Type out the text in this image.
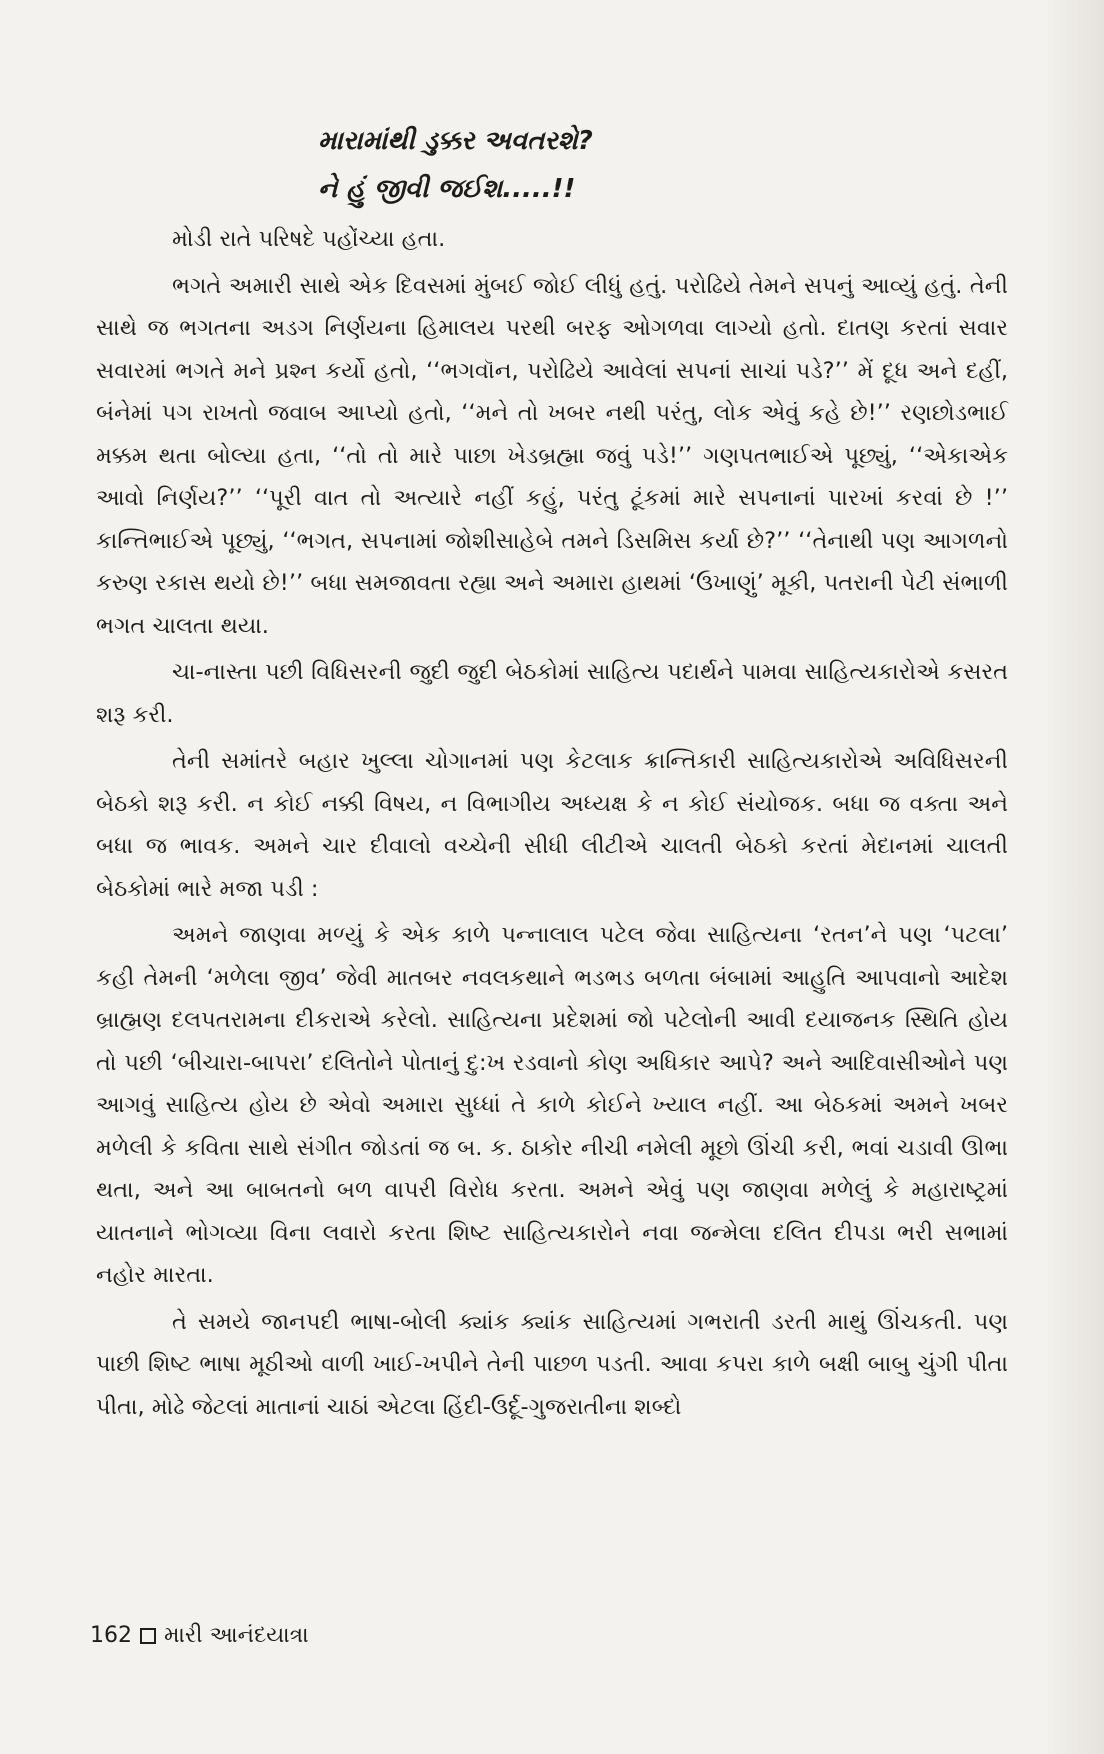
મારામાંથી ડુક્કર અવતરશે?
ને હું જીવી જઈશ.....!!

મોડી રાતે પરિષદે પહોંચ્યા હતા.

ભગતે અમારી સાથે એક દિવસમાં મુંબઈ જોઈ લીધું હતું. પરોઢિયે તેમને સપનું આવ્યું હતું. તેની સાથે જ ભગતના અડગ નિર્ણયના હિમાલય પરથી બરફ ઓગળવા લાગ્યો હતો. દાતણ કરતાં સવાર સવારમાં ભગતે મને પ્રશ્ન કર્યો હતો, ‘‘ભગવૉન, પરોઢિયે આવેલાં સપનાં સાચાં પડે?’’ મેં દૂધ અને દહીં, બંનેમાં પગ રાખતો જવાબ આપ્યો હતો, ‘‘મને તો ખબર નથી પરંતુ, લોક એવું કહે છે!’’ રણછોડભાઈ મક્કમ થતા બોલ્યા હતા, ‘‘તો તો મારે પાછા ખેડબ્રહ્મા જવું પડે!’’ ગણપતભાઈએ પૂછ્યું, ‘‘એકાએક આવો નિર્ણય?’’ ‘‘પૂરી વાત તો અત્યારે નહીં કહું, પરંતુ ટૂંકમાં મારે સપનાનાં પારખાં કરવાં છે !’’ કાન્તિભાઈએ પૂછ્યું, ‘‘ભગત, સપનામાં જોશીસાહેબે તમને ડિસમિસ કર્યા છે?’’ ‘‘તેનાથી પણ આગળનો કરુણ રકાસ થયો છે!’’ બધા સમજાવતા રહ્યા અને અમારા હાથમાં ‘ઉખાણું’ મૂકી, પતરાની પેટી સંભાળી ભગત ચાલતા થયા.

ચા-નાસ્તા પછી વિધિસરની જુદી જુદી બેઠકોમાં સાહિત્ય પદાર્થને પામવા સાહિત્યકારોએ કસરત શરૂ કરી.

તેની સમાંતરે બહાર ખુલ્લા ચોગાનમાં પણ કેટલાક ક્રાન્તિકારી સાહિત્યકારોએ અવિધિસરની બેઠકો શરૂ કરી. ન કોઈ નક્કી વિષય, ન વિભાગીય અધ્યક્ષ કે ન કોઈ સંયોજક. બધા જ વક્તા અને બધા જ ભાવક. અમને ચાર દીવાલો વચ્ચેની સીધી લીટીએ ચાલતી બેઠકો કરતાં મેદાનમાં ચાલતી બેઠકોમાં ભારે મજા પડી :

અમને જાણવા મળ્યું કે એક કાળે પન્નાલાલ પટેલ જેવા સાહિત્યના ‘રતન’ને પણ ‘પટલા’ કહી તેમની ‘મળેલા જીવ’ જેવી માતબર નવલકથાને ભડભડ બળતા બંબામાં આહુતિ આપવાનો આદેશ બ્રાહ્મણ દલપતરામના દીકરાએ કરેલો. સાહિત્યના પ્રદેશમાં જો પટેલોની આવી દયાજનક સ્થિતિ હોય તો પછી ‘બીચારા-બાપરા’ દલિતોને પોતાનું દુ:ખ રડવાનો કોણ અધિકાર આપે? અને આદિવાસીઓને પણ આગવું સાહિત્ય હોય છે એવો અમારા સુધ્ધાં તે કાળે કોઈને ખ્યાલ નહીં. આ બેઠકમાં અમને ખબર મળેલી કે કવિતા સાથે સંગીત જોડતાં જ બ. ક. ઠાકોર નીચી નમેલી મૂછો ઊંચી કરી, ભવાં ચડાવી ઊભા થતા, અને આ બાબતનો બળ વાપરી વિરોધ કરતા. અમને એવું પણ જાણવા મળેલું કે મહારાષ્ટ્રમાં યાતનાને ભોગવ્યા વિના લવારો કરતા શિષ્ટ સાહિત્યકારોને નવા જન્મેલા દલિત દીપડા ભરી સભામાં નહોર મારતા.

તે સમયે જાનપદી ભાષા-બોલી ક્યાંક ક્યાંક સાહિત્યમાં ગભરાતી ડરતી માથું ઊંચકતી. પણ પાછી શિષ્ટ ભાષા મૂઠીઓ વાળી ખાઈ-ખપીને તેની પાછળ પડતી. આવા કપરા કાળે બક્ષી બાબુ ચુંગી પીતા પીતા, મોઢે જેટલાં માતાનાં ચાઠાં એટલા હિંદી-ઉર્દૂ-ગુજરાતીના શબ્દો

162 મારી આનંદયાત્રા
